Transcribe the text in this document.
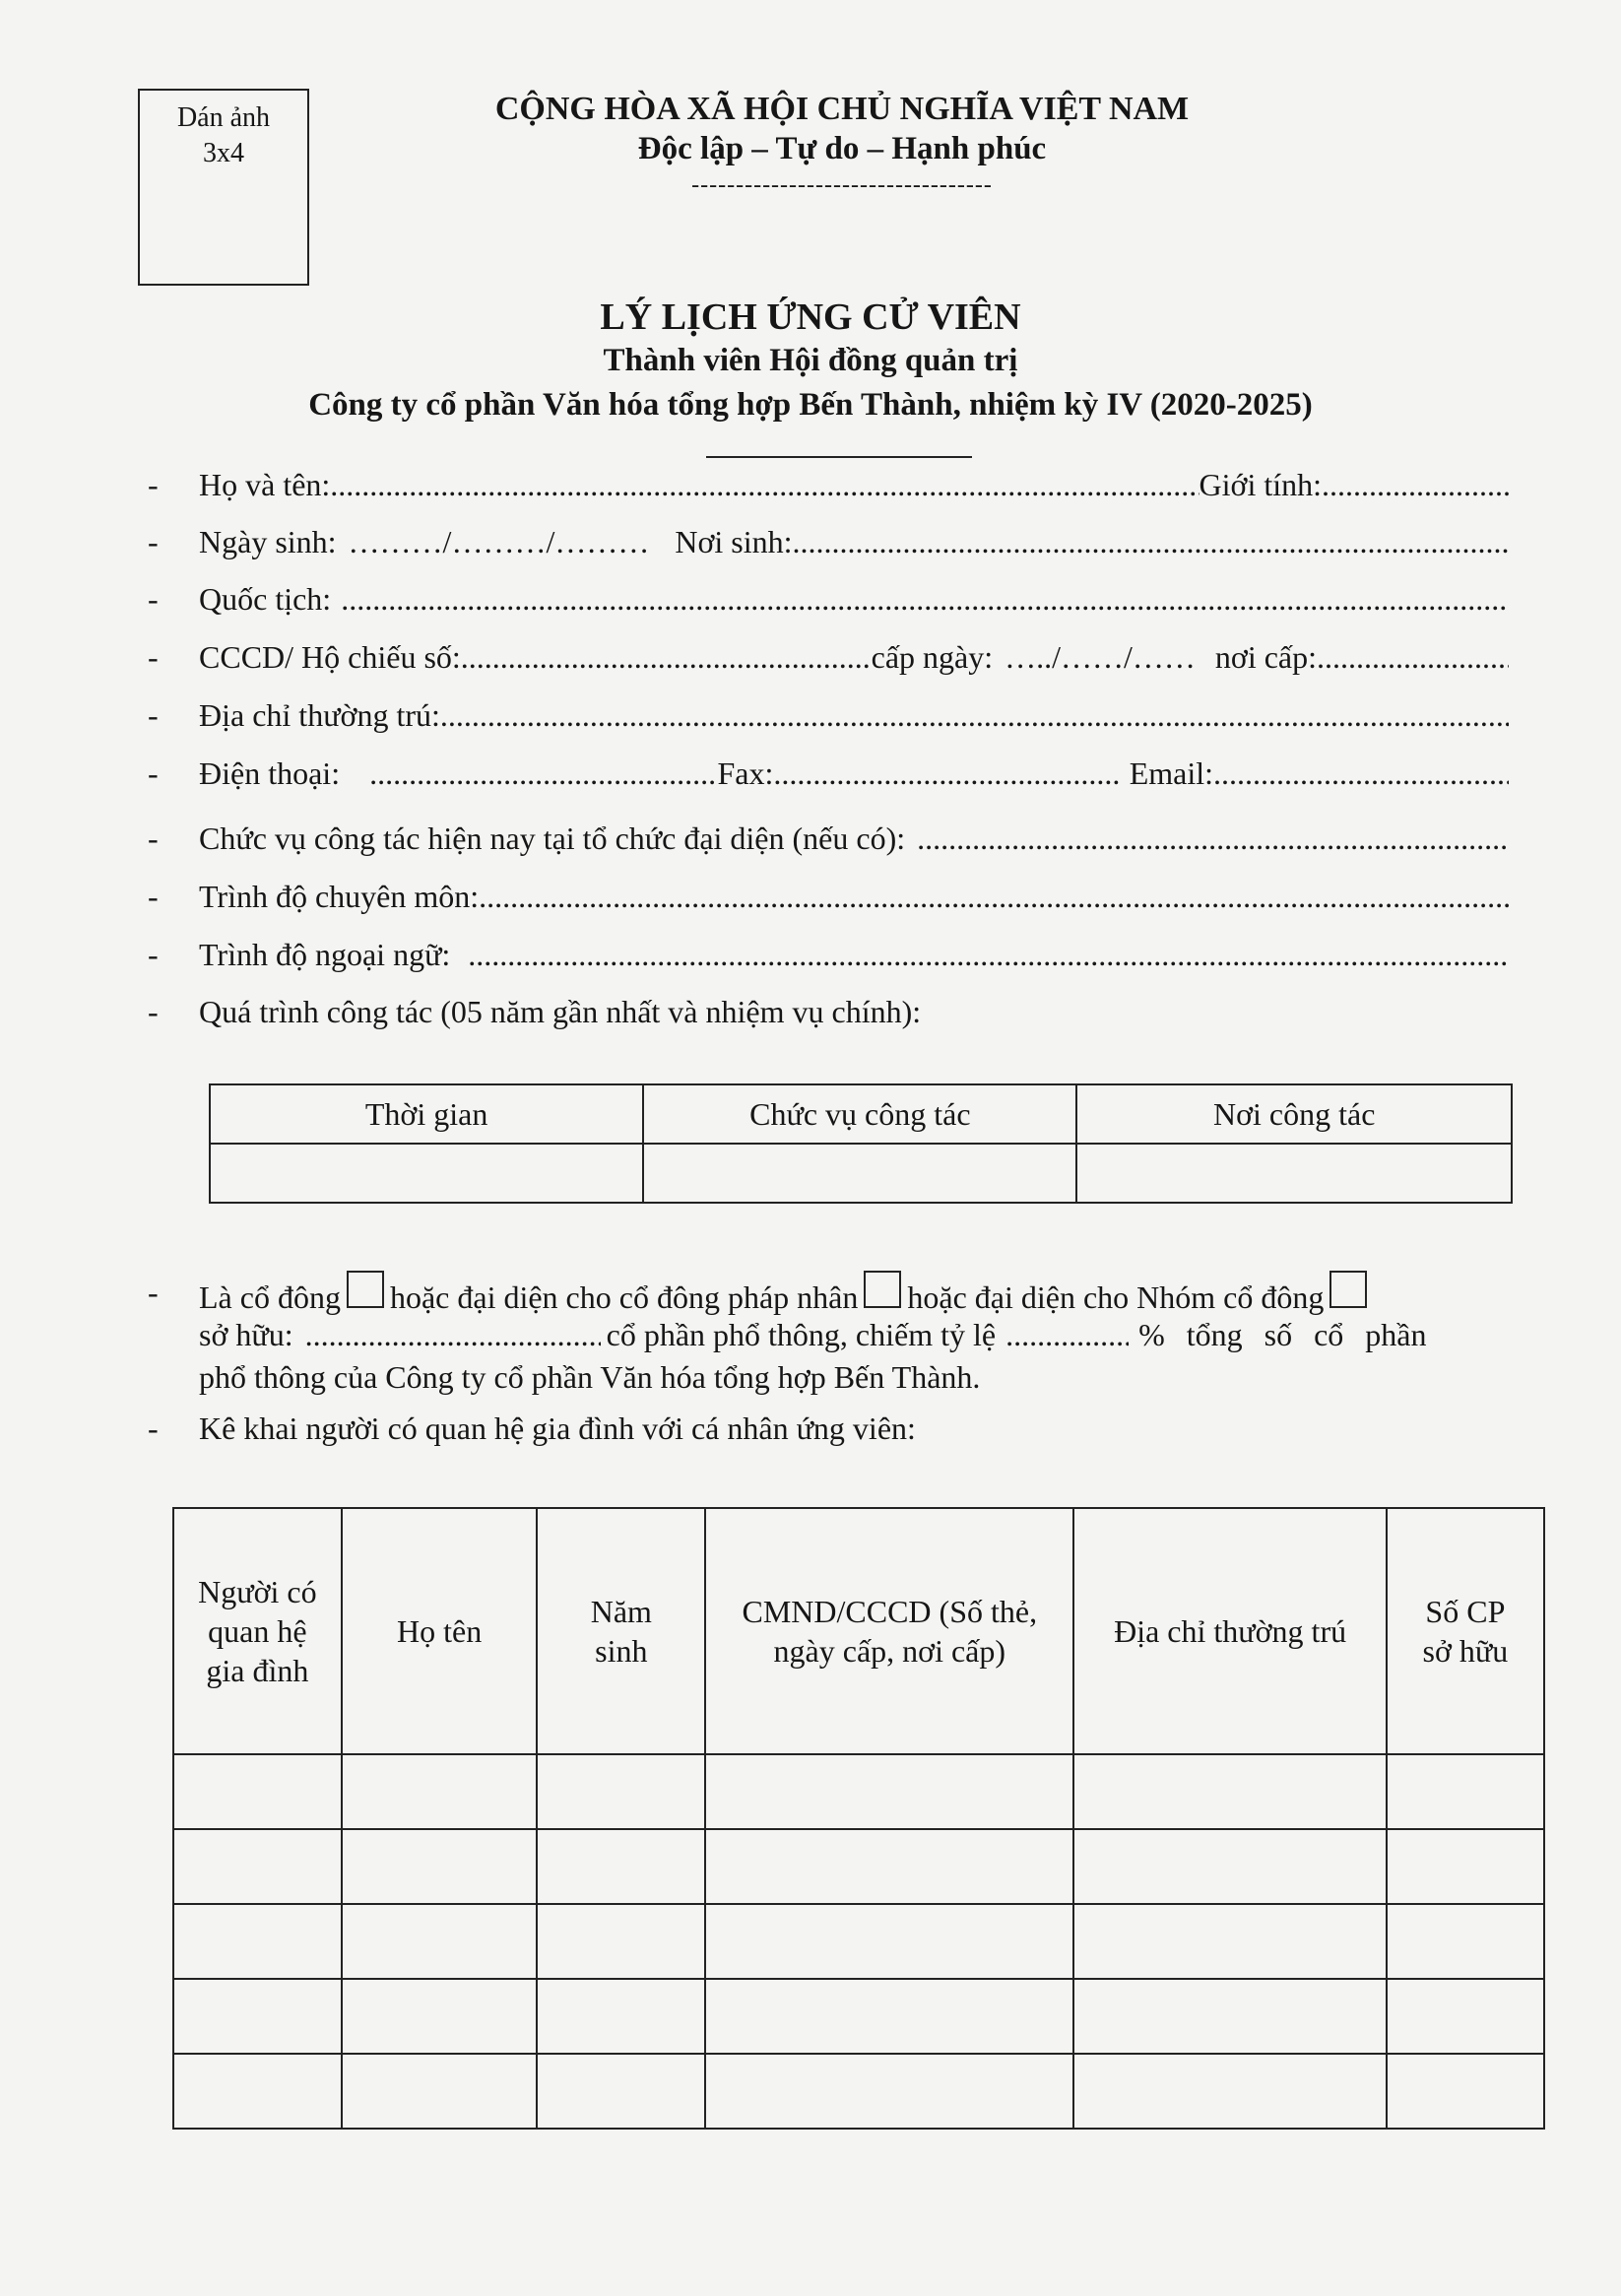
Dán ảnh
3x4
CỘNG HÒA XÃ HỘI CHỦ NGHĨA VIỆT NAM
Độc lập – Tự do – Hạnh phúc
----------------------------------
LÝ LỊCH ỨNG CỬ VIÊN
Thành viên Hội đồng quản trị
Công ty cổ phần Văn hóa tổng hợp Bến Thành, nhiệm kỳ IV (2020-2025)
- Họ và tên: .....	Giới tính:
.....
- Ngày sinh: ………/………/……… Nơi sinh:
.....
- Quốc tịch:
.....
- CCCD/ Hộ chiếu số: .....	cấp ngày: …../……/…… nơi cấp:
.....
- Địa chỉ thường trú:
.....
- Điện thoại: .....	Fax: .....	Email:
.....
- Chức vụ công tác hiện nay tại tổ chức đại diện (nếu có):
.....
- Trình độ chuyên môn:
.....
- Trình độ ngoại ngữ:
.....
- Quá trình công tác (05 năm gần nhất và nhiệm vụ chính):
Thời gian	Chức vụ công tác	Nơi công tác

- Là cổ đông hoặc đại diện cho cổ đông pháp nhân hoặc đại diện cho Nhóm cổ đông
sở hữu: .....	cổ phần phổ thông, chiếm tỷ lệ .....	% tổng số cổ phần
phổ thông của Công ty cổ phần Văn hóa tổng hợp Bến Thành.
- Kê khai người có quan hệ gia đình với cá nhân ứng viên:
Người có quan hệ gia đình	Họ tên	Năm sinh	CMND/CCCD (Số thẻ, ngày cấp, nơi cấp)	Địa chỉ thường trú	Số CP sở hữu
